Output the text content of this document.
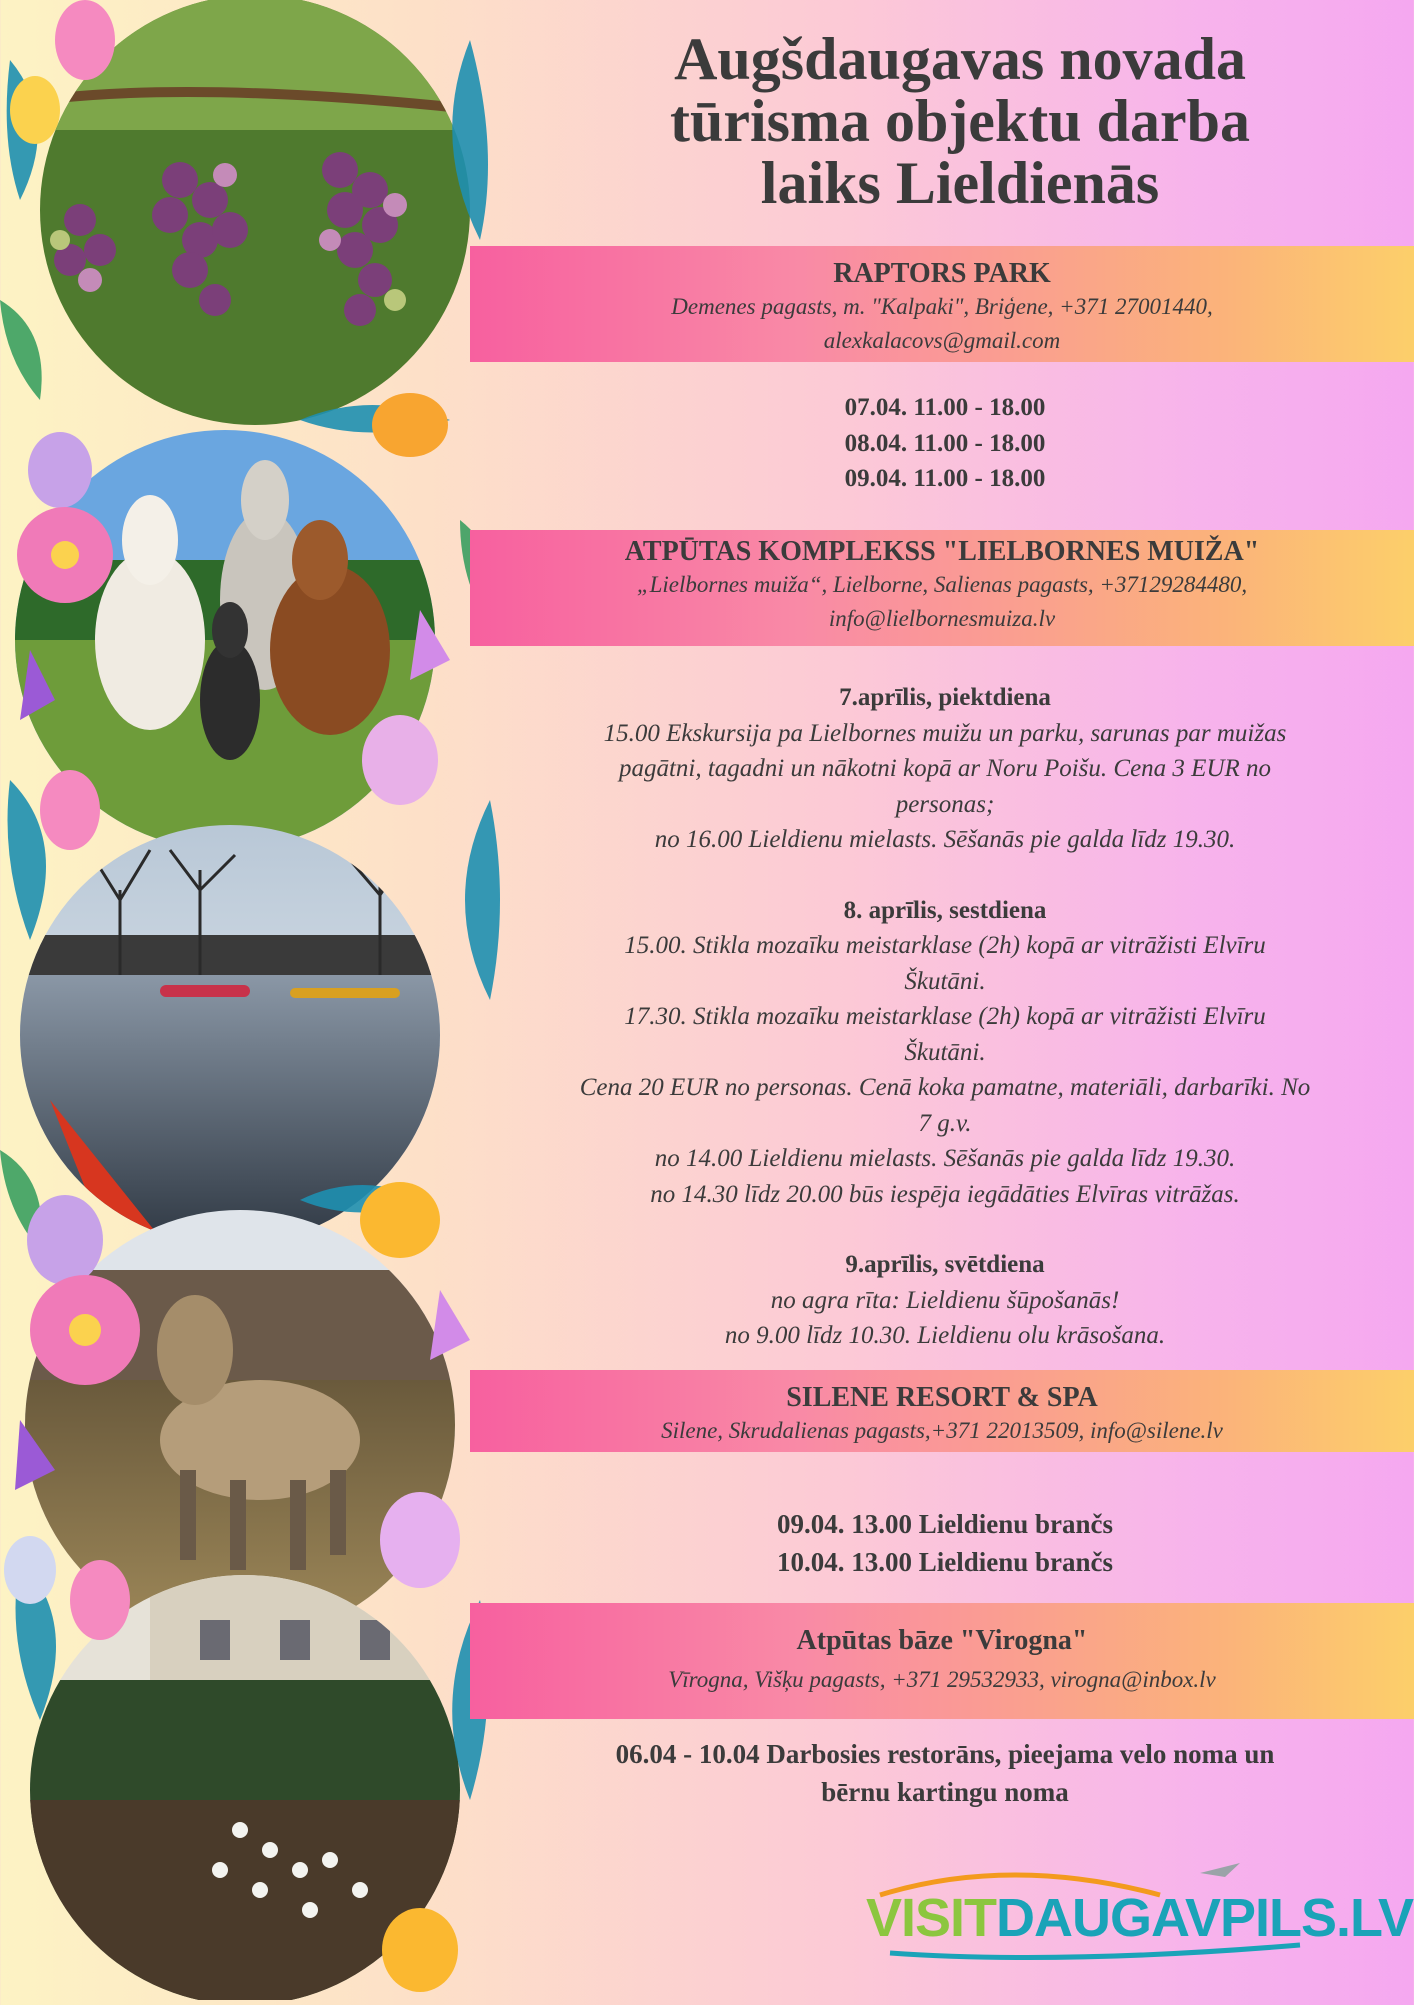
Augšdaugavas novada
tūrisma objektu darba
laiks Lieldienās
RAPTORS PARK
Demenes pagasts, m. "Kalpaki", Briģene, +371 27001440,
alexkalacovs@gmail.com
07.04. 11.00 - 18.00
08.04. 11.00 - 18.00
09.04. 11.00 - 18.00
ATPŪTAS KOMPLEKSS "LIELBORNES MUIŽA"
„Lielbornes muiža“, Lielborne, Salienas pagasts, +37129284480,
info@lielbornesmuiza.lv
7.aprīlis, piektdiena
15.00 Ekskursija pa Lielbornes muižu un parku, sarunas par muižas
pagātni, tagadni un nākotni kopā ar Noru Poišu. Cena 3 EUR no
personas;
no 16.00 Lieldienu mielasts. Sēšanās pie galda līdz 19.30.
8. aprīlis, sestdiena
15.00. Stikla mozaīku meistarklase (2h) kopā ar vitrāžisti Elvīru
Škutāni.
17.30. Stikla mozaīku meistarklase (2h) kopā ar vitrāžisti Elvīru
Škutāni.
Cena 20 EUR no personas. Cenā koka pamatne, materiāli, darbarīki. No
7 g.v.
no 14.00 Lieldienu mielasts. Sēšanās pie galda līdz 19.30.
no 14.30 līdz 20.00 būs iespēja iegādāties Elvīras vitrāžas.
9.aprīlis, svētdiena
no agra rīta: Lieldienu šūpošanās!
no 9.00 līdz 10.30. Lieldienu olu krāsošana.
SILENE RESORT & SPA
Silene, Skrudalienas pagasts,+371 22013509, info@silene.lv
09.04. 13.00 Lieldienu brančs
10.04. 13.00 Lieldienu brančs
Atpūtas bāze "Virogna"
Vīrogna, Višķu pagasts, +371 29532933, virogna@inbox.lv
06.04 - 10.04 Darbosies restorāns, pieejama velo noma un
bērnu kartingu noma
VISITDAUGAVPILS.LV
